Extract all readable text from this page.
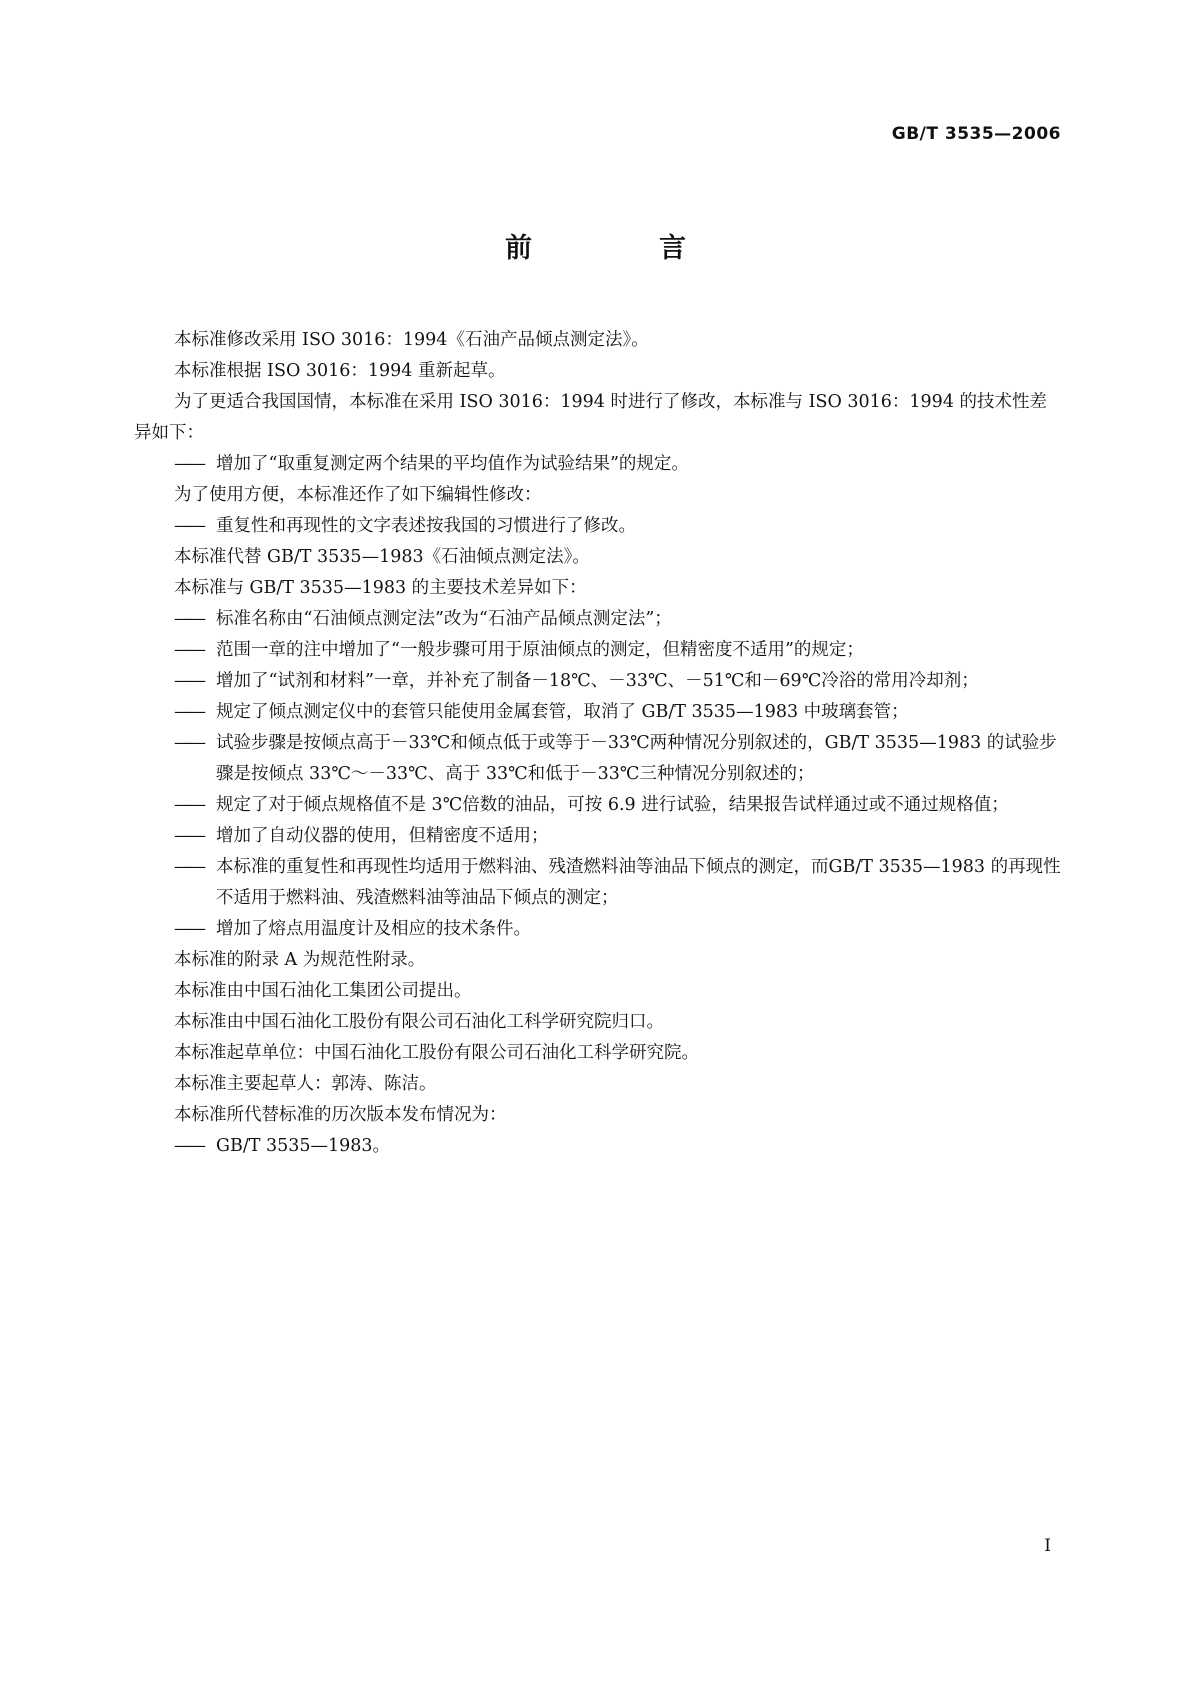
GB/T 3535—2006
前　言
本标准修改采用 ISO 3016：1994《石油产品倾点测定法》。
本标准根据 ISO 3016：1994 重新起草。
为了更适合我国国情，本标准在采用 ISO 3016：1994 时进行了修改，本标准与 ISO 3016：1994 的技术性差异如下：
—— 增加了“取重复测定两个结果的平均值作为试验结果”的规定。
为了使用方便，本标准还作了如下编辑性修改：
—— 重复性和再现性的文字表述按我国的习惯进行了修改。
本标准代替 GB/T 3535—1983《石油倾点测定法》。
本标准与 GB/T 3535—1983 的主要技术差异如下：
—— 标准名称由“石油倾点测定法”改为“石油产品倾点测定法”；
—— 范围一章的注中增加了“一般步骤可用于原油倾点的测定，但精密度不适用”的规定；
—— 增加了“试剂和材料”一章，并补充了制备－18℃、－33℃、－51℃和－69℃冷浴的常用冷却剂；
—— 规定了倾点测定仪中的套管只能使用金属套管，取消了 GB/T 3535—1983 中玻璃套管；
—— 试验步骤是按倾点高于－33℃和倾点低于或等于－33℃两种情况分别叙述的，GB/T 3535—1983 的试验步骤是按倾点 33℃～－33℃、高于 33℃和低于－33℃三种情况分别叙述的；
—— 规定了对于倾点规格值不是 3℃倍数的油品，可按 6.9 进行试验，结果报告试样通过或不通过规格值；
—— 增加了自动仪器的使用，但精密度不适用；
—— 本标准的重复性和再现性均适用于燃料油、残渣燃料油等油品下倾点的测定，而GB/T 3535—1983 的再现性不适用于燃料油、残渣燃料油等油品下倾点的测定；
—— 增加了熔点用温度计及相应的技术条件。
本标准的附录 A 为规范性附录。
本标准由中国石油化工集团公司提出。
本标准由中国石油化工股份有限公司石油化工科学研究院归口。
本标准起草单位：中国石油化工股份有限公司石油化工科学研究院。
本标准主要起草人：郭涛、陈洁。
本标准所代替标准的历次版本发布情况为：
—— GB/T 3535—1983。
I
